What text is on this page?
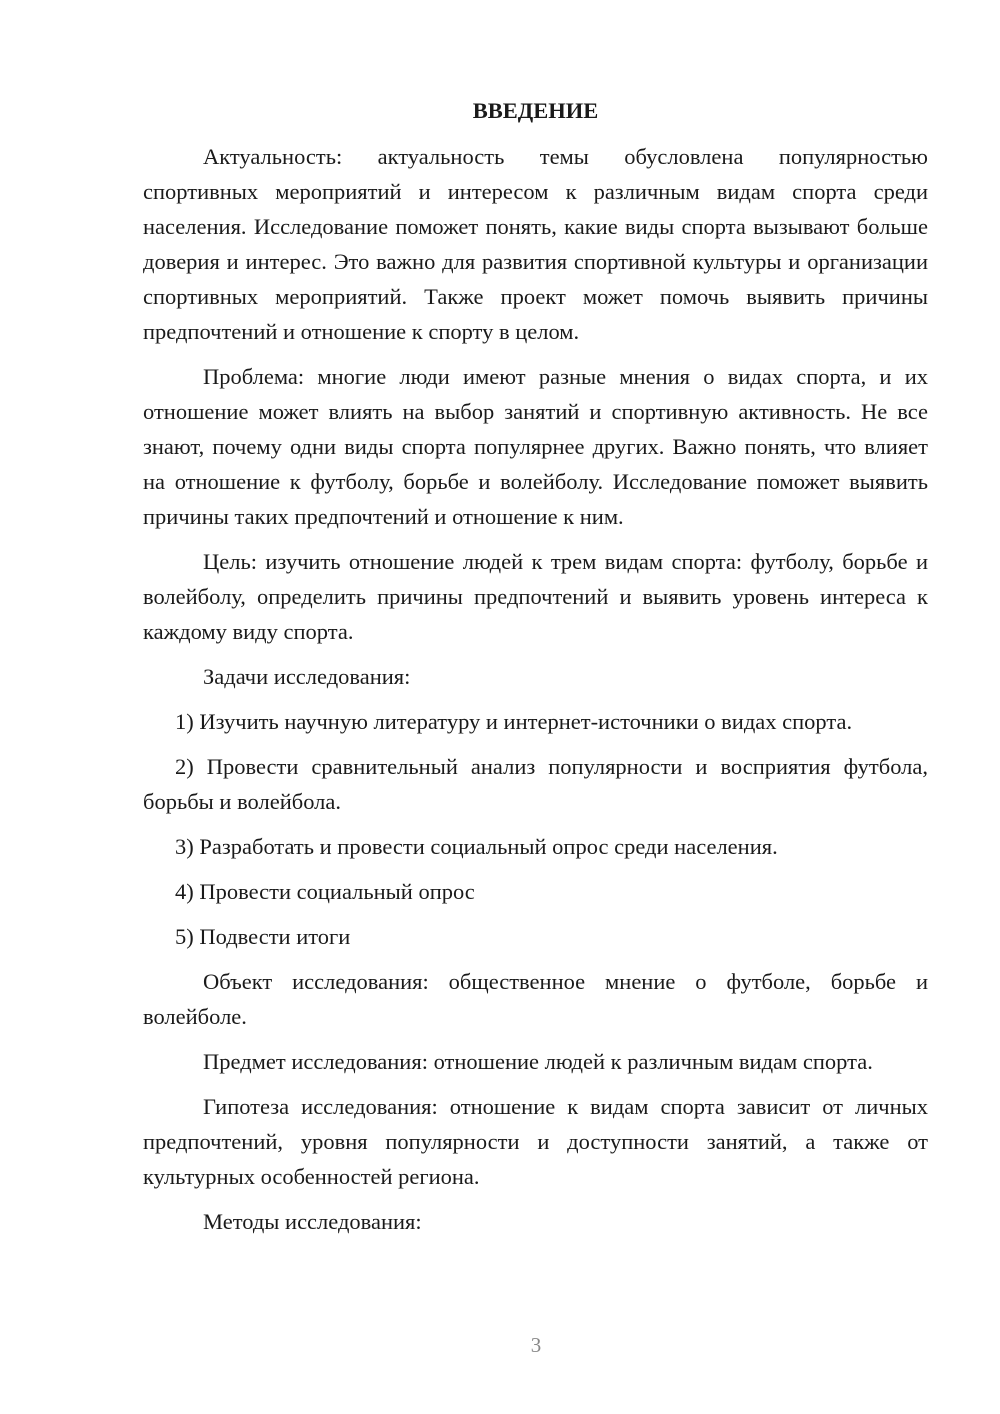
ВВЕДЕНИЕ

Актуальность: актуальность темы обусловлена популярностью спортивных мероприятий и интересом к различным видам спорта среди населения. Исследование поможет понять, какие виды спорта вызывают больше доверия и интерес. Это важно для развития спортивной культуры и организации спортивных мероприятий. Также проект может помочь выявить причины предпочтений и отношение к спорту в целом.

Проблема: многие люди имеют разные мнения о видах спорта, и их отношение может влиять на выбор занятий и спортивную активность. Не все знают, почему одни виды спорта популярнее других. Важно понять, что влияет на отношение к футболу, борьбе и волейболу. Исследование поможет выявить причины таких предпочтений и отношение к ним.

Цель: изучить отношение людей к трем видам спорта: футболу, борьбе и волейболу, определить причины предпочтений и выявить уровень интереса к каждому виду спорта.

Задачи исследования:

1) Изучить научную литературу и интернет-источники о видах спорта.

2) Провести сравнительный анализ популярности и восприятия футбола, борьбы и волейбола.

3) Разработать и провести социальный опрос среди населения.

4) Провести социальный опрос

5) Подвести итоги

Объект исследования: общественное мнение о футболе, борьбе и волейболе.

Предмет исследования: отношение людей к различным видам спорта.

Гипотеза исследования: отношение к видам спорта зависит от личных предпочтений, уровня популярности и доступности занятий, а также от культурных особенностей региона.

Методы исследования:

3
